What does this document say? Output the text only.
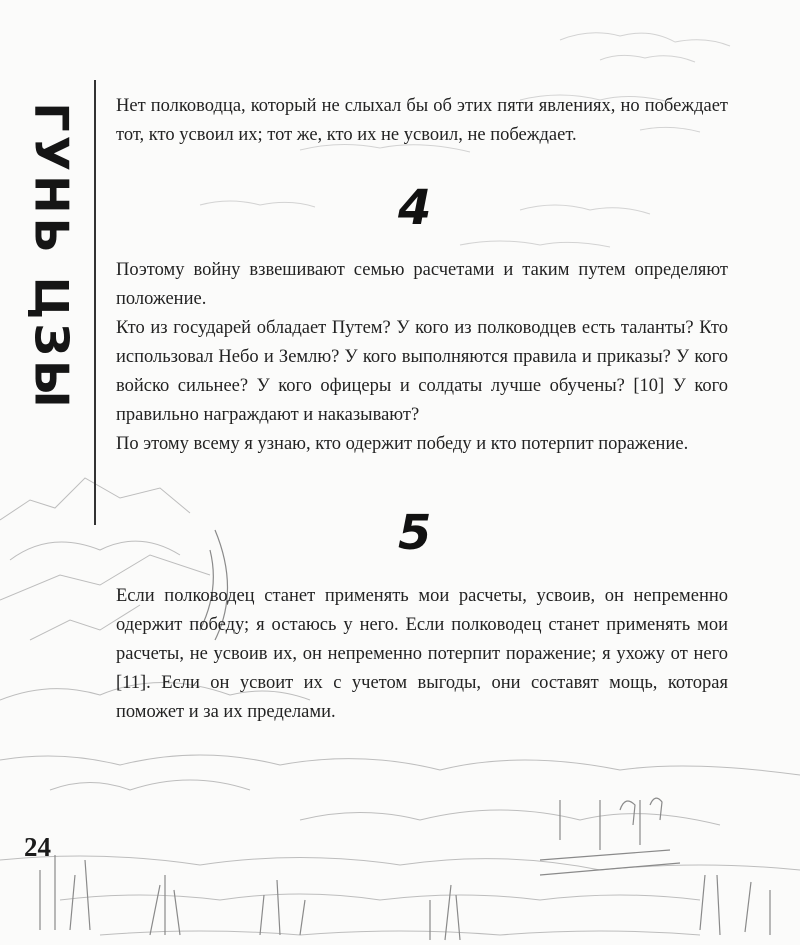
ГУНЬ ЦЗЫ Нет полководца, который не слыхал бы об этих пяти явлениях, но побеждает тот, кто усвоил их; тот же, кто их не усвоил, не побеждает.

4
Поэтому войну взвешивают семью расчетами и таким путем определяют положение.
Кто из государей обладает Путем? У кого из полководцев есть таланты? Кто использовал Небо и Землю? У кого выполняются правила и приказы? У кого войско сильнее? У кого офицеры и солдаты лучше обучены? [10] У кого правильно награждают и наказывают?
По этому всему я узнаю, кто одержит победу и кто потерпит поражение.
5

Если полководец станет применять мои расчеты, усвоив, он непременно одержит победу; я остаюсь у него. Если полководец станет применять мои расчеты, не усвоив их, он непременно потерпит поражение; я ухожу от него [11]. Если он усвоит их с учетом выгоды, они составят мощь, которая поможет и за их пределами.

24
